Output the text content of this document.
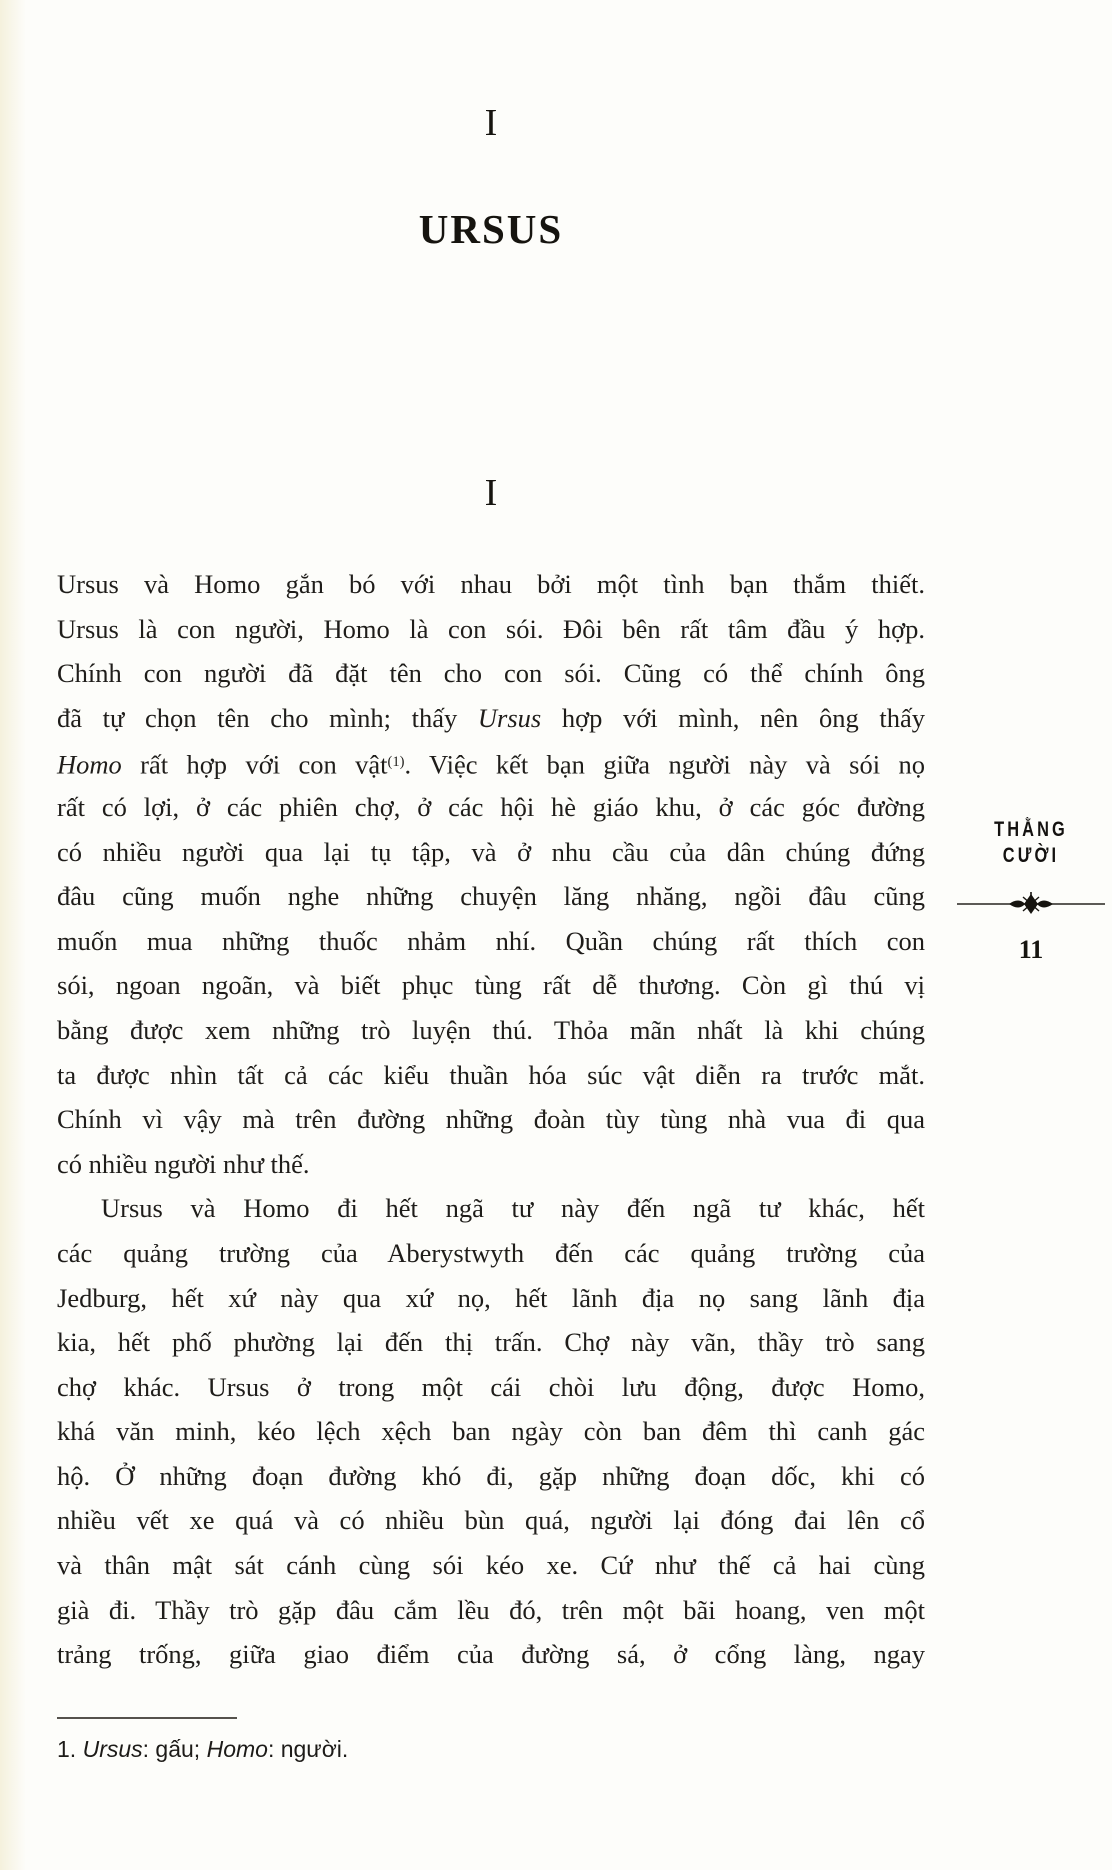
I
URSUS
I
Ursus và Homo gắn bó với nhau bởi một tình bạn thắm thiết.
Ursus là con người, Homo là con sói. Đôi bên rất tâm đầu ý hợp.
Chính con người đã đặt tên cho con sói. Cũng có thể chính ông
đã tự chọn tên cho mình; thấy Ursus hợp với mình, nên ông thấy
Homo rất hợp với con vật$^{(1)}$. Việc kết bạn giữa người này và sói nọ
rất có lợi, ở các phiên chợ, ở các hội hè giáo khu, ở các góc đường
có nhiều người qua lại tụ tập, và ở nhu cầu của dân chúng đứng
đâu cũng muốn nghe những chuyện lăng nhăng, ngồi đâu cũng
muốn mua những thuốc nhảm nhí. Quần chúng rất thích con
sói, ngoan ngoãn, và biết phục tùng rất dễ thương. Còn gì thú vị
bằng được xem những trò luyện thú. Thỏa mãn nhất là khi chúng
ta được nhìn tất cả các kiểu thuần hóa súc vật diễn ra trước mắt.
Chính vì vậy mà trên đường những đoàn tùy tùng nhà vua đi qua
có nhiều người như thế.
Ursus và Homo đi hết ngã tư này đến ngã tư khác, hết
các quảng trường của Aberystwyth đến các quảng trường của
Jedburg, hết xứ này qua xứ nọ, hết lãnh địa nọ sang lãnh địa
kia, hết phố phường lại đến thị trấn. Chợ này vãn, thầy trò sang
chợ khác. Ursus ở trong một cái chòi lưu động, được Homo,
khá văn minh, kéo lệch xệch ban ngày còn ban đêm thì canh gác
hộ. Ở những đoạn đường khó đi, gặp những đoạn dốc, khi có
nhiều vết xe quá và có nhiều bùn quá, người lại đóng đai lên cổ
và thân mật sát cánh cùng sói kéo xe. Cứ như thế cả hai cùng
già đi. Thầy trò gặp đâu cắm lều đó, trên một bãi hoang, ven một
trảng trống, giữa giao điểm của đường sá, ở cổng làng, ngay
THẰNG
CƯỜI
11
1. Ursus: gấu; Homo: người.
